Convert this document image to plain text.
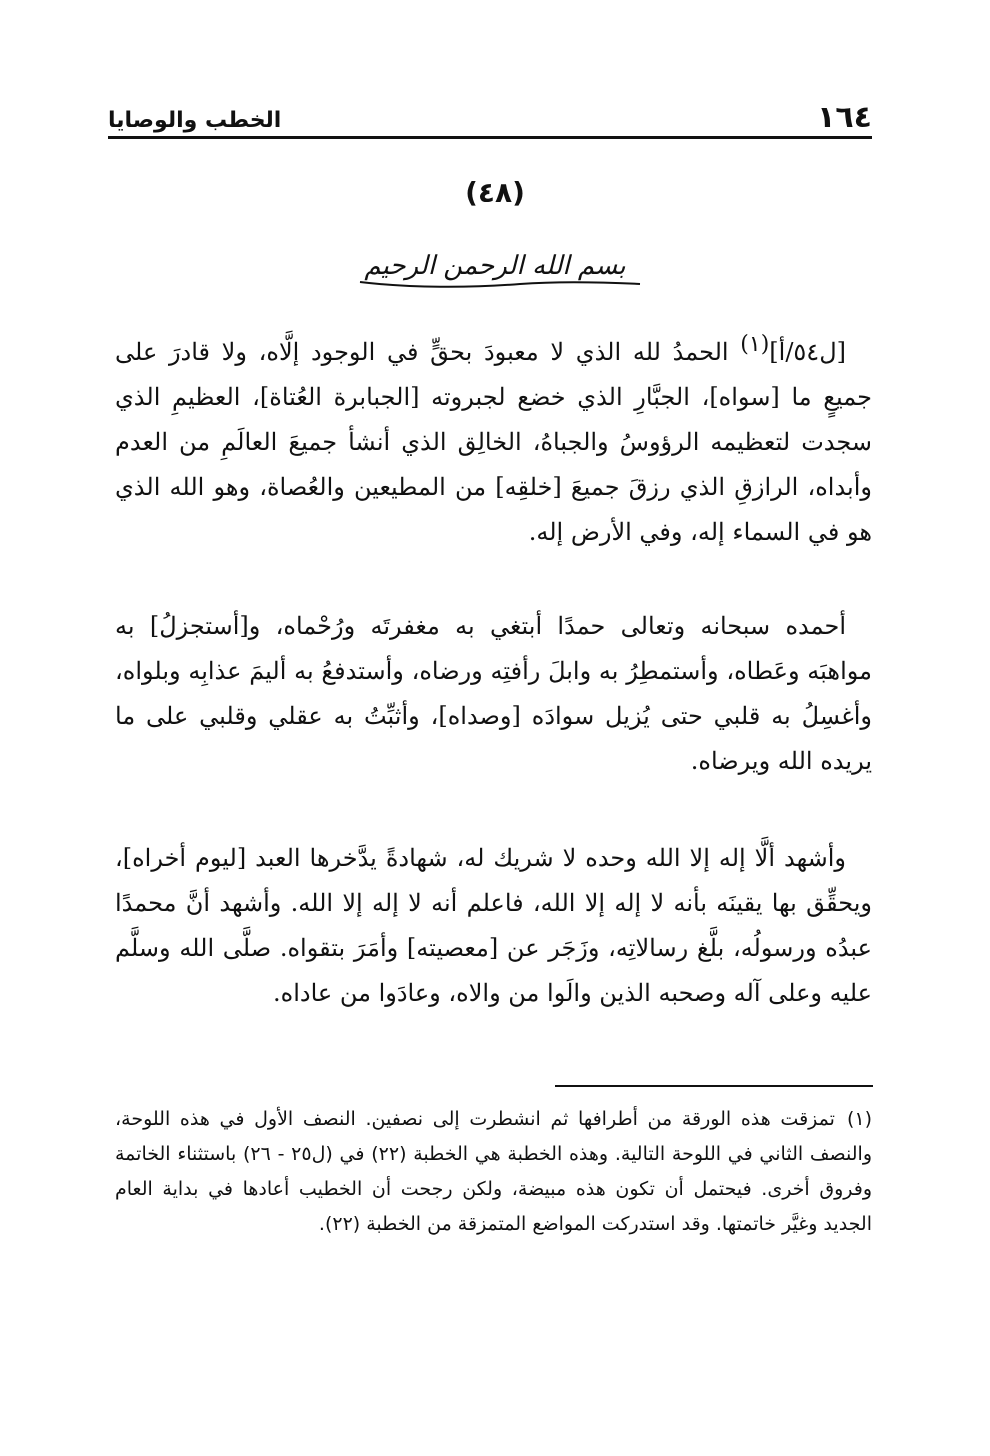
١٦٤
الخطب والوصايا
(٤٨)
بسم الله الرحمن الرحيم

[ل٥٤/أ]$^{(١)}$ الحمدُ لله الذي لا معبودَ بحقٍّ في الوجود إلَّاه، ولا قادرَ على جميعٍ ما [سواه]، الجبَّارِ الذي خضع لجبروته [الجبابرة العُتاة]، العظيمِ الذي سجدت لتعظيمه الرؤوسُ والجباهُ، الخالِق الذي أنشأ جميعَ العالَمِ من العدم وأبداه، الرازقِ الذي رزقَ جميعَ [خلقِه] من المطيعين والعُصاة، وهو الله الذي هو في السماء إله، وفي الأرض إله.

أحمده سبحانه وتعالى حمدًا أبتغي به مغفرتَه ورُحْماه، و[أستجزلُ] به مواهبَه وعَطاه، وأستمطِرُ به وابلَ رأفتِه ورضاه، وأستدفعُ به أليمَ عذابِه وبلواه، وأغسِلُ به قلبي حتى يُزيل سوادَه [وصداه]، وأثبِّتُ به عقلي وقلبي على ما يريده الله ويرضاه.

وأشهد ألَّا إله إلا الله وحده لا شريك له، شهادةً يدَّخرها العبد [ليوم أخراه]، ويحقِّق بها يقينَه بأنه لا إله إلا الله، فاعلم أنه لا إله إلا الله. وأشهد أنَّ محمدًا عبدُه ورسولُه، بلَّغ رسالاتِه، وزَجَر عن [معصيته] وأمَرَ بتقواه. صلَّى الله وسلَّم عليه وعلى آله وصحبه الذين والَوا من والاه، وعادَوا من عاداه.

(١)تمزقت هذه الورقة من أطرافها ثم انشطرت إلى نصفين. النصف الأول في هذه اللوحة، والنصف الثاني في اللوحة التالية. وهذه الخطبة هي الخطبة (٢٢) في (ل٢٥ - ٢٦) باستثناء الخاتمة وفروق أخرى. فيحتمل أن تكون هذه مبيضة، ولكن رجحت أن الخطيب أعادها في بداية العام الجديد وغيَّر خاتمتها. وقد استدركت المواضع المتمزقة من الخطبة (٢٢).
